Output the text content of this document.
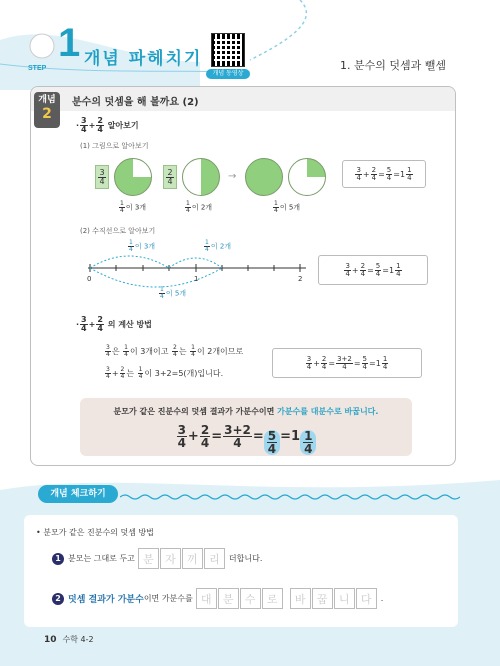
1
STEP 개념 파헤치기
개념 동영상
1. 분수의 덧셈과 뺄셈
개념
2
분수의 덧셈을 해 볼까요 (2)
· $\frac{3}{4} + \frac{2}{4}$ 알아보기
(1) 그림으로 알아보기
$\frac{3}{4}$	$\frac{2}{4}$	→	$\frac{3}{4} + \frac{2}{4} = \frac{5}{4} =1 \frac{1}{4}$
$\frac{1}{4}$ 이 3개	$\frac{1}{4}$ 이 2개	$\frac{1}{4}$ 이 5개
(2) 수직선으로 알아보기
0	1	2
$\frac{1}{4}$ 이 3개	$\frac{1}{4}$ 이 2개
$\frac{1}{4}$ 이 5개
$\frac{3}{4} + \frac{2}{4} = \frac{5}{4} =1 \frac{1}{4}$
· $\frac{3}{4} + \frac{2}{4}$ 의 계산 방법
$\frac{3}{4}$ 은 $\frac{1}{4}$ 이 3개이고 $\frac{2}{4}$ 는 $\frac{1}{4}$ 이 2개이므로
$\frac{3}{4} + \frac{2}{4}$ 는 $\frac{1}{4}$ 이 3+2=5(개)입니다.
$\frac{3}{4} + \frac{2}{4} = \frac{3+2}{4} = \frac{5}{4} =1 \frac{1}{4}$
분모가 같은 진분수의 덧셈 결과가 가분수이면 가분수를 대분수로 바꿉니다.
$\frac{3}{4} + \frac{2}{4} = \frac{3+2}{4} = \frac{5}{4} =1 \frac{1}{4}$
개념 체크하기
• 분모가 같은 진분수의 덧셈 방법
1 분모는 그대로 두고 분	자	끼	리	더합니다.
2 덧셈 결과가 가분수 이면 가분수를 대	분	수	로	바	꿉	니	다	.
10 수학 4-2
